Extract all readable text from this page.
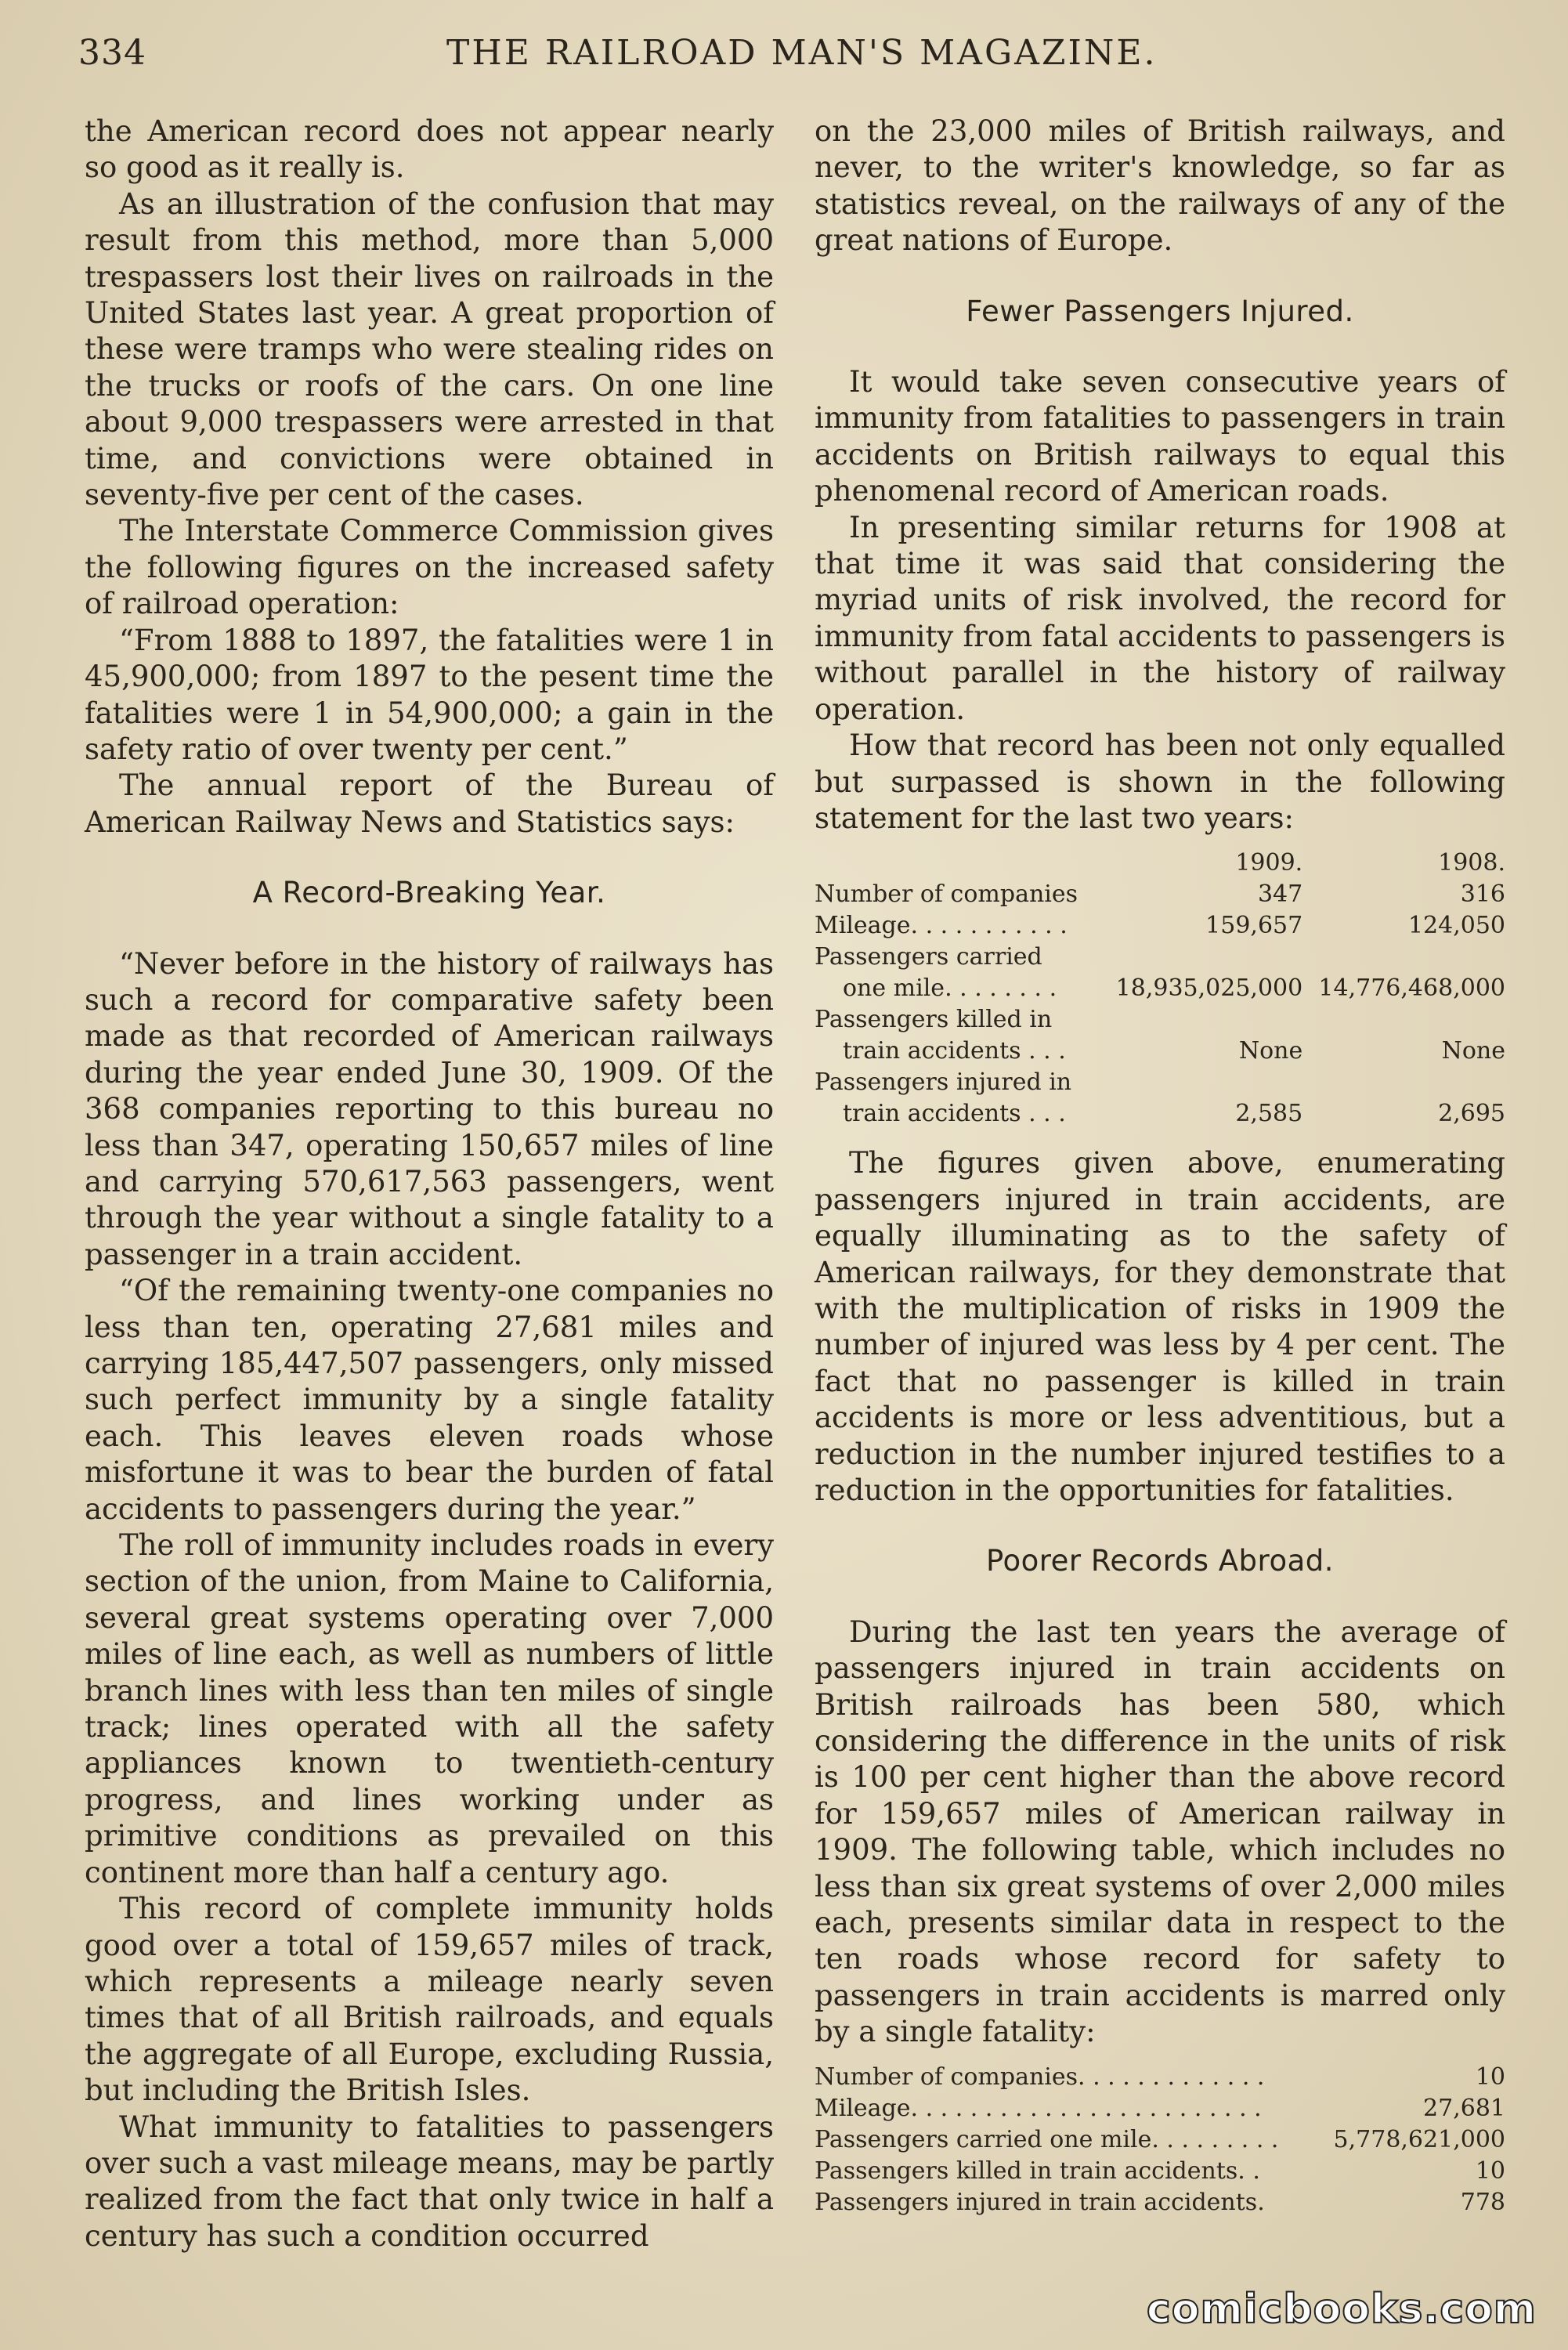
334	THE RAILROAD MAN'S MAGAZINE.

the American record does not appear nearly so good as it really is.

As an illustration of the confusion that may result from this method, more than 5,000 trespassers lost their lives on railroads in the United States last year. A great proportion of these were tramps who were stealing rides on the trucks or roofs of the cars. On one line about 9,000 trespassers were arrested in that time, and convictions were obtained in seventy-five per cent of the cases.

The Interstate Commerce Commission gives the following figures on the increased safety of railroad operation:

“From 1888 to 1897, the fatalities were 1 in 45,900,000; from 1897 to the pesent time the fatalities were 1 in 54,900,000; a gain in the safety ratio of over twenty per cent.”

The annual report of the Bureau of American Railway News and Statistics says:

A Record-Breaking Year.

“Never before in the history of railways has such a record for comparative safety been made as that recorded of American railways during the year ended June 30, 1909. Of the 368 companies reporting to this bureau no less than 347, operating 150,657 miles of line and carrying 570,617,563 passengers, went through the year without a single fatality to a passenger in a train accident.

“Of the remaining twenty-one companies no less than ten, operating 27,681 miles and carrying 185,447,507 passengers, only missed such perfect immunity by a single fatality each. This leaves eleven roads whose misfortune it was to bear the burden of fatal accidents to passengers during the year.”

The roll of immunity includes roads in every section of the union, from Maine to California, several great systems operating over 7,000 miles of line each, as well as numbers of little branch lines with less than ten miles of single track; lines operated with all the safety appliances known to twentieth-century progress, and lines working under as primitive conditions as prevailed on this continent more than half a century ago.

This record of complete immunity holds good over a total of 159,657 miles of track, which represents a mileage nearly seven times that of all British railroads, and equals the aggregate of all Europe, excluding Russia, but including the British Isles.

What immunity to fatalities to passengers over such a vast mileage means, may be partly realized from the fact that only twice in half a century has such a condition occurred

on the 23,000 miles of British railways, and never, to the writer's knowledge, so far as statistics reveal, on the railways of any of the great nations of Europe.

Fewer Passengers Injured.

It would take seven consecutive years of immunity from fatalities to passengers in train accidents on British railways to equal this phenomenal record of American roads.

In presenting similar returns for 1908 at that time it was said that considering the myriad units of risk involved, the record for immunity from fatal accidents to passengers is without parallel in the history of railway operation.

How that record has been not only equalled but surpassed is shown in the following statement for the last two years:

	1909.	1908.
Number of companies	347	316
Mileage. . . . . . . . . . .	159,657	124,050
Passengers carried		
one mile. . . . . . . .	18,935,025,000	14,776,468,000
Passengers killed in		
train accidents . . .	None	None
Passengers injured in		
train accidents . . .	2,585	2,695

The figures given above, enumerating passengers injured in train accidents, are equally illuminating as to the safety of American railways, for they demonstrate that with the multiplication of risks in 1909 the number of injured was less by 4 per cent. The fact that no passenger is killed in train accidents is more or less adventitious, but a reduction in the number injured testifies to a reduction in the opportunities for fatalities.

Poorer Records Abroad.

During the last ten years the average of passengers injured in train accidents on British railroads has been 580, which considering the difference in the units of risk is 100 per cent higher than the above record for 159,657 miles of American railway in 1909. The following table, which includes no less than six great systems of over 2,000 miles each, presents similar data in respect to the ten roads whose record for safety to passengers in train accidents is marred only by a single fatality:

Number of companies. . . . . . . . . . . . .	10
Mileage. . . . . . . . . . . . . . . . . . . . . . . .	27,681
Passengers carried one mile. . . . . . . . .	5,778,621,000
Passengers killed in train accidents. .	10
Passengers injured in train accidents.	778
comicbooks.com
